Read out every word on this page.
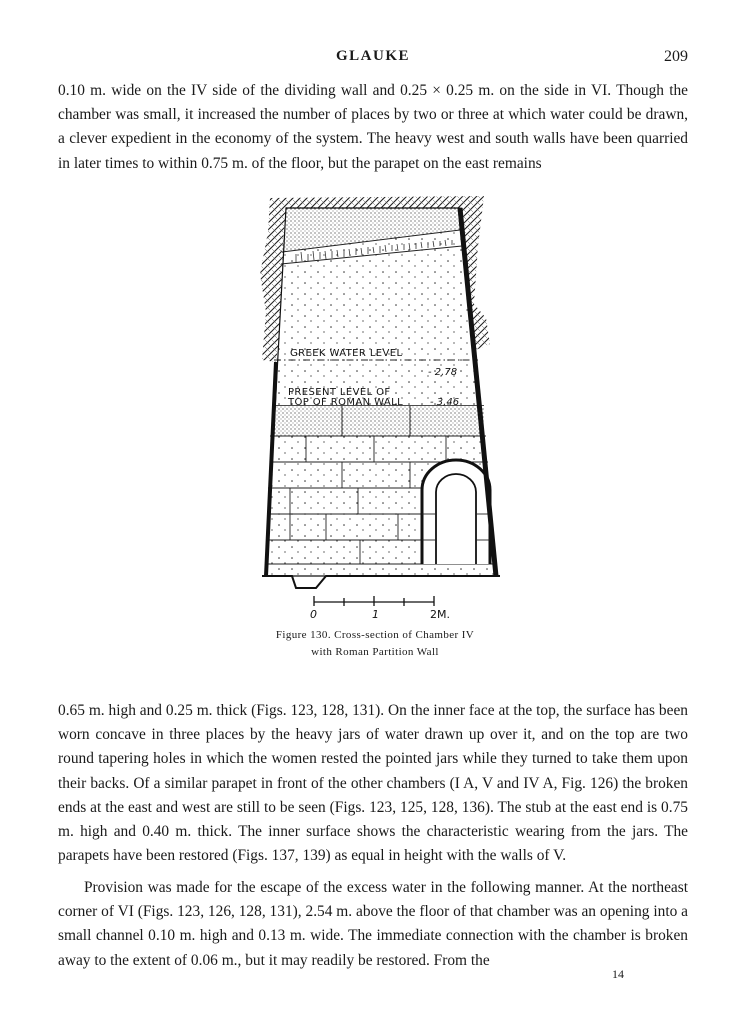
GLAUKE	209

0.10 m. wide on the IV side of the dividing wall and 0.25 × 0.25 m. on the side in VI. Though the chamber was small, it increased the number of places by two or three at which water could be drawn, a clever expedient in the economy of the system. The heavy west and south walls have been quarried in later times to within 0.75 m. of the floor, but the parapet on the east remains

GREEK WATER LEVEL
- 2,78
PRESENT LEVEL OF
TOP OF ROMAN WALL	- 3,46
0	1	2M.
Figure 130. Cross-section of Chamber IV
with Roman Partition Wall

0.65 m. high and 0.25 m. thick (Figs. 123, 128, 131). On the inner face at the top, the surface has been worn concave in three places by the heavy jars of water drawn up over it, and on the top are two round tapering holes in which the women rested the pointed jars while they turned to take them upon their backs. Of a similar parapet in front of the other chambers (I A, V and IV A, Fig. 126) the broken ends at the east and west are still to be seen (Figs. 123, 125, 128, 136). The stub at the east end is 0.75 m. high and 0.40 m. thick. The inner surface shows the characteristic wearing from the jars. The parapets have been restored (Figs. 137, 139) as equal in height with the walls of V.

Provision was made for the escape of the excess water in the following manner. At the northeast corner of VI (Figs. 123, 126, 128, 131), 2.54 m. above the floor of that chamber was an opening into a small channel 0.10 m. high and 0.13 m. wide. The immediate connection with the chamber is broken away to the extent of 0.06 m., but it may readily be restored. From the

14
